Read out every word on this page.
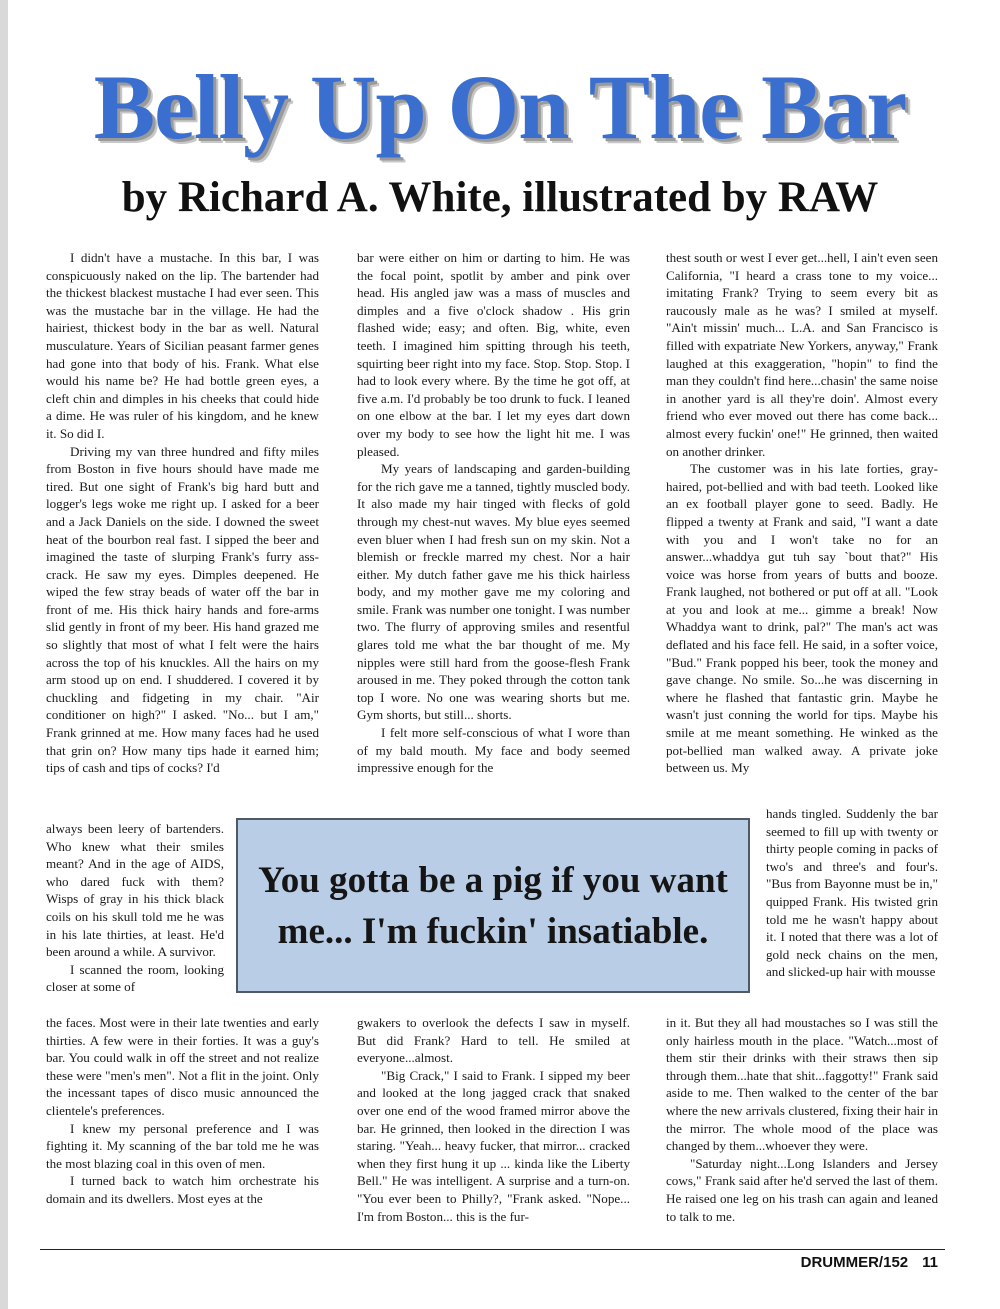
Belly Up On The Bar
by Richard A. White, illustrated by RAW

I didn't have a mustache. In this bar, I was conspicuously naked on the lip. The bartender had the thickest blackest mustache I had ever seen. This was the mustache bar in the village. He had the hairiest, thickest body in the bar as well. Natural musculature. Years of Sicilian peasant farmer genes had gone into that body of his. Frank. What else would his name be? He had bottle green eyes, a cleft chin and dimples in his cheeks that could hide a dime. He was ruler of his kingdom, and he knew it. So did I.

Driving my van three hundred and fifty miles from Boston in five hours should have made me tired. But one sight of Frank's big hard butt and logger's legs woke me right up. I asked for a beer and a Jack Daniels on the side. I downed the sweet heat of the bourbon real fast. I sipped the beer and imagined the taste of slurping Frank's furry ass-crack. He saw my eyes. Dimples deepened. He wiped the few stray beads of water off the bar in front of me. His thick hairy hands and fore-arms slid gently in front of my beer. His hand grazed me so slightly that most of what I felt were the hairs across the top of his knuckles. All the hairs on my arm stood up on end. I shuddered. I covered it by chuckling and fidgeting in my chair. "Air conditioner on high?" I asked. "No... but I am," Frank grinned at me. How many faces had he used that grin on? How many tips hade it earned him; tips of cash and tips of cocks? I'd

always been leery of bartenders. Who knew what their smiles meant? And in the age of AIDS, who dared fuck with them? Wisps of gray in his thick black coils on his skull told me he was in his late thirties, at least. He'd been around a while. A survivor.

I scanned the room, looking closer at some of

the faces. Most were in their late twenties and early thirties. A few were in their forties. It was a guy's bar. You could walk in off the street and not realize these were "men's men". Not a flit in the joint. Only the incessant tapes of disco music announced the clientele's preferences.

I knew my personal preference and I was fighting it. My scanning of the bar told me he was the most blazing coal in this oven of men.

I turned back to watch him orchestrate his domain and its dwellers. Most eyes at the

bar were either on him or darting to him. He was the focal point, spotlit by amber and pink over head. His angled jaw was a mass of muscles and dimples and a five o'clock shadow . His grin flashed wide; easy; and often. Big, white, even teeth. I imagined him spitting through his teeth, squirting beer right into my face. Stop. Stop. Stop. I had to look every where. By the time he got off, at five a.m. I'd probably be too drunk to fuck. I leaned on one elbow at the bar. I let my eyes dart down over my body to see how the light hit me. I was pleased.

My years of landscaping and garden-building for the rich gave me a tanned, tightly muscled body. It also made my hair tinged with flecks of gold through my chest-nut waves. My blue eyes seemed even bluer when I had fresh sun on my skin. Not a blemish or freckle marred my chest. Nor a hair either. My dutch father gave me his thick hairless body, and my mother gave me my coloring and smile. Frank was number one tonight. I was number two. The flurry of approving smiles and resentful glares told me what the bar thought of me. My nipples were still hard from the goose-flesh Frank aroused in me. They poked through the cotton tank top I wore. No one was wearing shorts but me. Gym shorts, but still... shorts.

I felt more self-conscious of what I wore than of my bald mouth. My face and body seemed impressive enough for the

gwakers to overlook the defects I saw in myself. But did Frank? Hard to tell. He smiled at everyone...almost.

"Big Crack," I said to Frank. I sipped my beer and looked at the long jagged crack that snaked over one end of the wood framed mirror above the bar. He grinned, then looked in the direction I was staring. "Yeah... heavy fucker, that mirror... cracked when they first hung it up ... kinda like the Liberty Bell." He was intelligent. A surprise and a turn-on. "You ever been to Philly?, "Frank asked. "Nope... I'm from Boston... this is the fur-

thest south or west I ever get...hell, I ain't even seen California, "I heard a crass tone to my voice... imitating Frank? Trying to seem every bit as raucously male as he was? I smiled at myself. "Ain't missin' much... L.A. and San Francisco is filled with expatriate New Yorkers, anyway," Frank laughed at this exaggeration, "hopin" to find the man they couldn't find here...chasin' the same noise in another yard is all they're doin'. Almost every friend who ever moved out there has come back... almost every fuckin' one!" He grinned, then waited on another drinker.

The customer was in his late forties, gray-haired, pot-bellied and with bad teeth. Looked like an ex football player gone to seed. Badly. He flipped a twenty at Frank and said, "I want a date with you and I won't take no for an answer...whaddya gut tuh say `bout that?" His voice was horse from years of butts and booze. Frank laughed, not bothered or put off at all. "Look at you and look at me... gimme a break! Now Whaddya want to drink, pal?" The man's act was deflated and his face fell. He said, in a softer voice, "Bud." Frank popped his beer, took the money and gave change. No smile. So...he was discerning in where he flashed that fantastic grin. Maybe he wasn't just conning the world for tips. Maybe his smile at me meant something. He winked as the pot-bellied man walked away. A private joke between us. My

hands tingled. Suddenly the bar seemed to fill up with twenty or thirty people coming in packs of two's and three's and four's. "Bus from Bayonne must be in," quipped Frank. His twisted grin told me he wasn't happy about it. I noted that there was a lot of gold neck chains on the men, and slicked-up hair with mousse

in it. But they all had moustaches so I was still the only hairless mouth in the place. "Watch...most of them stir their drinks with their straws then sip through them...hate that shit...faggotty!" Frank said aside to me. Then walked to the center of the bar where the new arrivals clustered, fixing their hair in the mirror. The whole mood of the place was changed by them...whoever they were.

"Saturday night...Long Islanders and Jersey cows," Frank said after he'd served the last of them. He raised one leg on his trash can again and leaned to talk to me.

You gotta be a pig if you want me... I'm fuckin' insatiable.
DRUMMER/152 11
